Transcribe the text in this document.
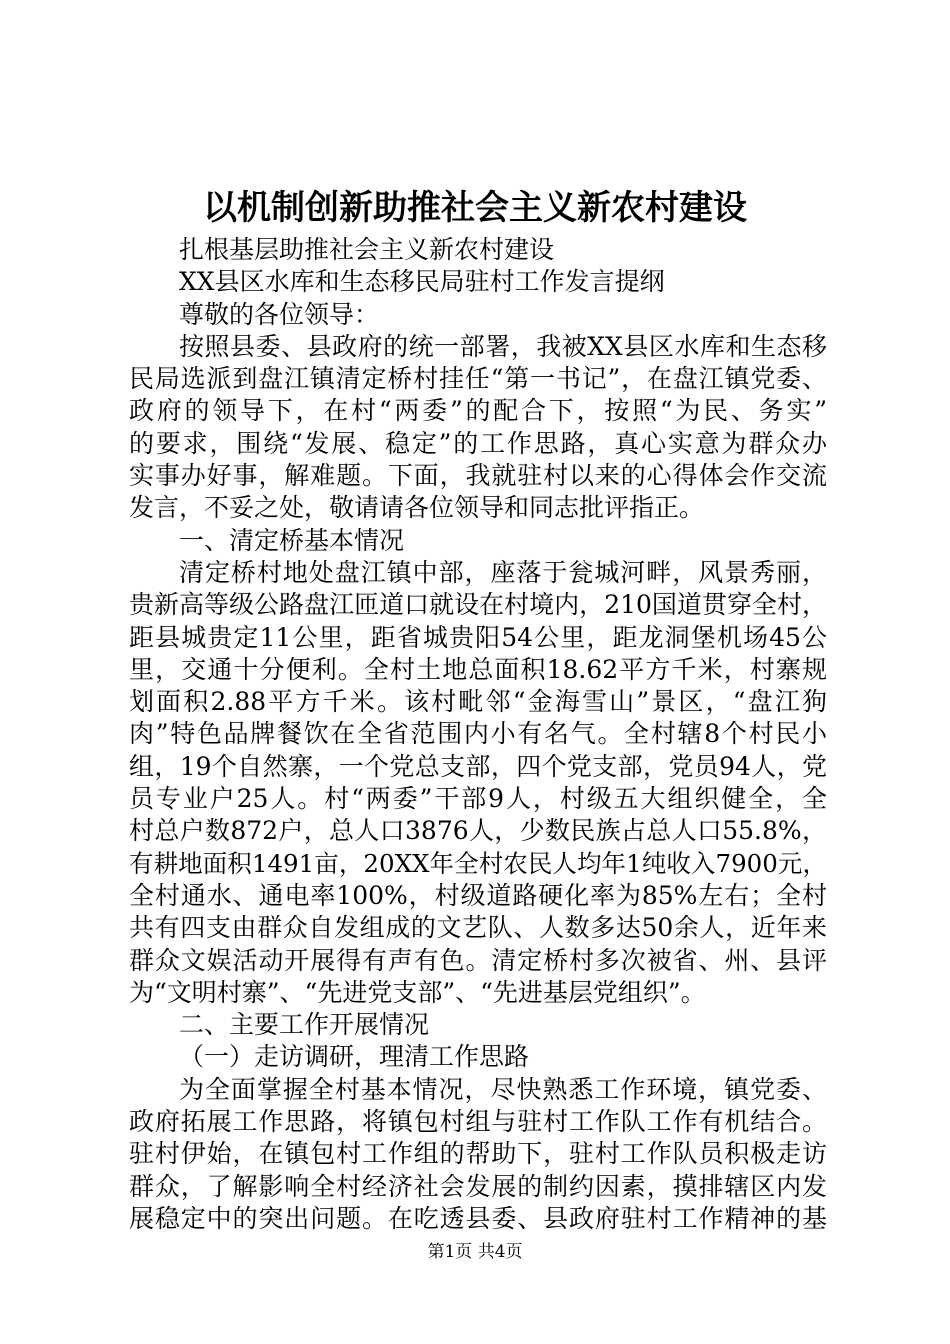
以机制创新助推社会主义新农村建设
扎根基层助推社会主义新农村建设
XX县区水库和生态移民局驻村工作发言提纲
尊敬的各位领导：
按照县委、县政府的统一部署，我被XX县区水库和生态移
民局选派到盘江镇清定桥村挂任“第一书记”，在盘江镇党委、
政府的领导下，在村“两委”的配合下，按照“为民、务实”
的要求，围绕“发展、稳定”的工作思路，真心实意为群众办
实事办好事，解难题。下面，我就驻村以来的心得体会作交流
发言，不妥之处，敬请请各位领导和同志批评指正。
一、清定桥基本情况
清定桥村地处盘江镇中部，座落于瓮城河畔，风景秀丽，
贵新高等级公路盘江匝道口就设在村境内，210国道贯穿全村，
距县城贵定11公里，距省城贵阳54公里，距龙洞堡机场45公
里，交通十分便利。全村土地总面积18.62平方千米，村寨规
划面积2.88平方千米。该村毗邻“金海雪山”景区，“盘江狗
肉”特色品牌餐饮在全省范围内小有名气。全村辖8个村民小
组，19个自然寨，一个党总支部，四个党支部，党员94人，党
员专业户25人。村“两委”干部9人，村级五大组织健全，全
村总户数872户，总人口3876人，少数民族占总人口55.8%，
有耕地面积1491亩，20XX年全村农民人均年1纯收入7900元，
全村通水、通电率100%，村级道路硬化率为85%左右；全村
共有四支由群众自发组成的文艺队、人数多达50余人，近年来
群众文娱活动开展得有声有色。清定桥村多次被省、州、县评
为“文明村寨”、“先进党支部”、“先进基层党组织”。
二、主要工作开展情况
（一）走访调研，理清工作思路
为全面掌握全村基本情况，尽快熟悉工作环境，镇党委、
政府拓展工作思路，将镇包村组与驻村工作队工作有机结合。
驻村伊始，在镇包村工作组的帮助下，驻村工作队员积极走访
群众，了解影响全村经济社会发展的制约因素，摸排辖区内发
展稳定中的突出问题。在吃透县委、县政府驻村工作精神的基
第1页 共4页
